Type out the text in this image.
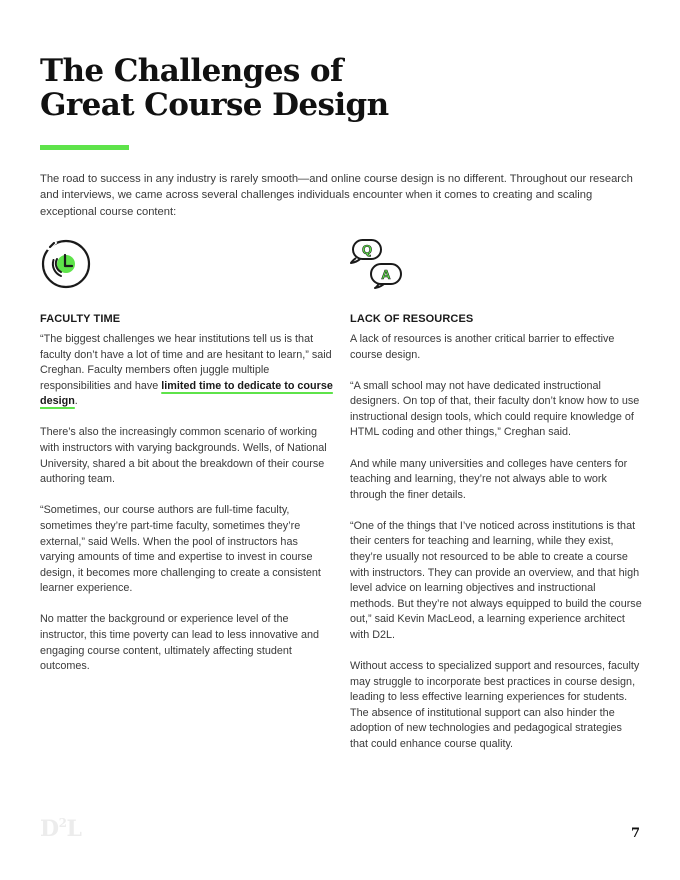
The Challenges of
Great Course Design

The road to success in any industry is rarely smooth—and online course design is no different. Throughout our research and interviews, we came across several challenges individuals encounter when it comes to creating and scaling exceptional course content:

FACULTY TIME

“The biggest challenges we hear institutions tell us is that faculty don’t have a lot of time and are hesitant to learn,” said Creghan. Faculty members often juggle multiple responsibilities and have limited time to dedicate to course design.

There’s also the increasingly common scenario of working with instructors with varying backgrounds. Wells, of National University, shared a bit about the breakdown of their course authoring team.

“Sometimes, our course authors are full-time faculty, sometimes they’re part-time faculty, sometimes they’re external,” said Wells. When the pool of instructors has varying amounts of time and expertise to invest in course design, it becomes more challenging to create a consistent learner experience.

No matter the background or experience level of the instructor, this time poverty can lead to less innovative and engaging course content, ultimately affecting student outcomes.

Q
A
LACK OF RESOURCES

A lack of resources is another critical barrier to effective course design.

“A small school may not have dedicated instructional designers. On top of that, their faculty don’t know how to use instructional design tools, which could require knowledge of HTML coding and other things,” Creghan said.

And while many universities and colleges have centers for teaching and learning, they’re not always able to work through the finer details.

“One of the things that I’ve noticed across institutions is that their centers for teaching and learning, while they exist, they’re usually not resourced to be able to create a course with instructors. They can provide an overview, and that high level advice on learning objectives and instructional methods. But they’re not always equipped to build the course out,” said Kevin MacLeod, a learning experience architect with D2L.

Without access to specialized support and resources, faculty may struggle to incorporate best practices in course design, leading to less effective learning experiences for students. The absence of institutional support can also hinder the adoption of new technologies and pedagogical strategies that could enhance course quality.

$D^2L$	7
